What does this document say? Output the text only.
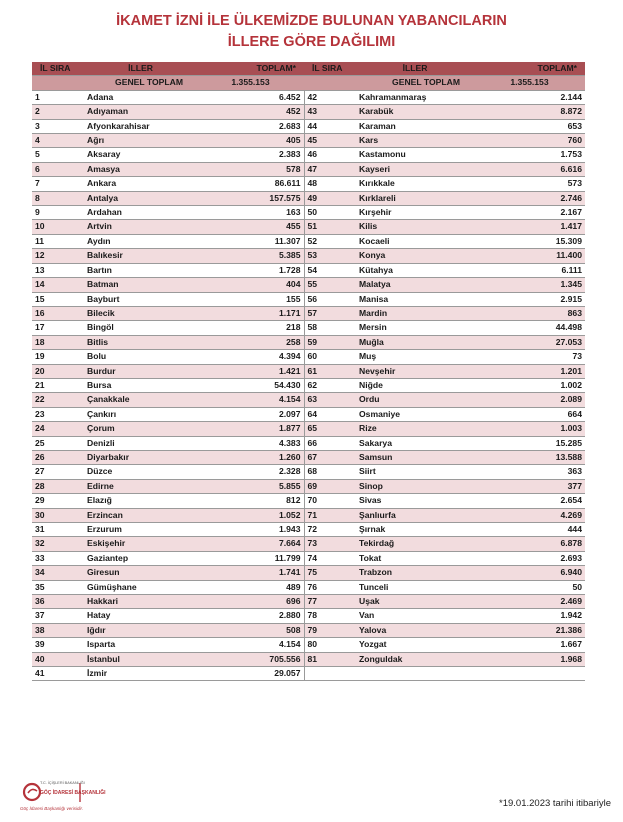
İKAMET İZNİ İLE ÜLKEMİZDE BULUNAN YABANCILARIN
İLLERE GÖRE DAĞILIMI
İL SIRA	İLLER	TOPLAM*	İL SIRA	İLLER	TOPLAM*
GENEL TOPLAM		1.355.153	GENEL TOPLAM		1.355.153
1	Adana	6.452	42	Kahramanmaraş	2.144
2	Adıyaman	452	43	Karabük	8.872
3	Afyonkarahisar	2.683	44	Karaman	653
4	Ağrı	405	45	Kars	760
5	Aksaray	2.383	46	Kastamonu	1.753
6	Amasya	578	47	Kayseri	6.616
7	Ankara	86.611	48	Kırıkkale	573
8	Antalya	157.575	49	Kırklareli	2.746
9	Ardahan	163	50	Kırşehir	2.167
10	Artvin	455	51	Kilis	1.417
11	Aydın	11.307	52	Kocaeli	15.309
12	Balıkesir	5.385	53	Konya	11.400
13	Bartın	1.728	54	Kütahya	6.111
14	Batman	404	55	Malatya	1.345
15	Bayburt	155	56	Manisa	2.915
16	Bilecik	1.171	57	Mardin	863
17	Bingöl	218	58	Mersin	44.498
18	Bitlis	258	59	Muğla	27.053
19	Bolu	4.394	60	Muş	73
20	Burdur	1.421	61	Nevşehir	1.201
21	Bursa	54.430	62	Niğde	1.002
22	Çanakkale	4.154	63	Ordu	2.089
23	Çankırı	2.097	64	Osmaniye	664
24	Çorum	1.877	65	Rize	1.003
25	Denizli	4.383	66	Sakarya	15.285
26	Diyarbakır	1.260	67	Samsun	13.588
27	Düzce	2.328	68	Siirt	363
28	Edirne	5.855	69	Sinop	377
29	Elazığ	812	70	Sivas	2.654
30	Erzincan	1.052	71	Şanlıurfa	4.269
31	Erzurum	1.943	72	Şırnak	444
32	Eskişehir	7.664	73	Tekirdağ	6.878
33	Gaziantep	11.799	74	Tokat	2.693
34	Giresun	1.741	75	Trabzon	6.940
35	Gümüşhane	489	76	Tunceli	50
36	Hakkari	696	77	Uşak	2.469
37	Hatay	2.880	78	Van	1.942
38	Iğdır	508	79	Yalova	21.386
39	Isparta	4.154	80	Yozgat	1.667
40	İstanbul	705.556	81	Zonguldak	1.968
41	İzmir	29.057			
T.C. İÇİŞLERİ BAKANLIĞI
GÖÇ İDARESİ BAŞKANLIĞI
Göç İdaresi Başkanlığı verisidir.	*19.01.2023 tarihi itibariyle
